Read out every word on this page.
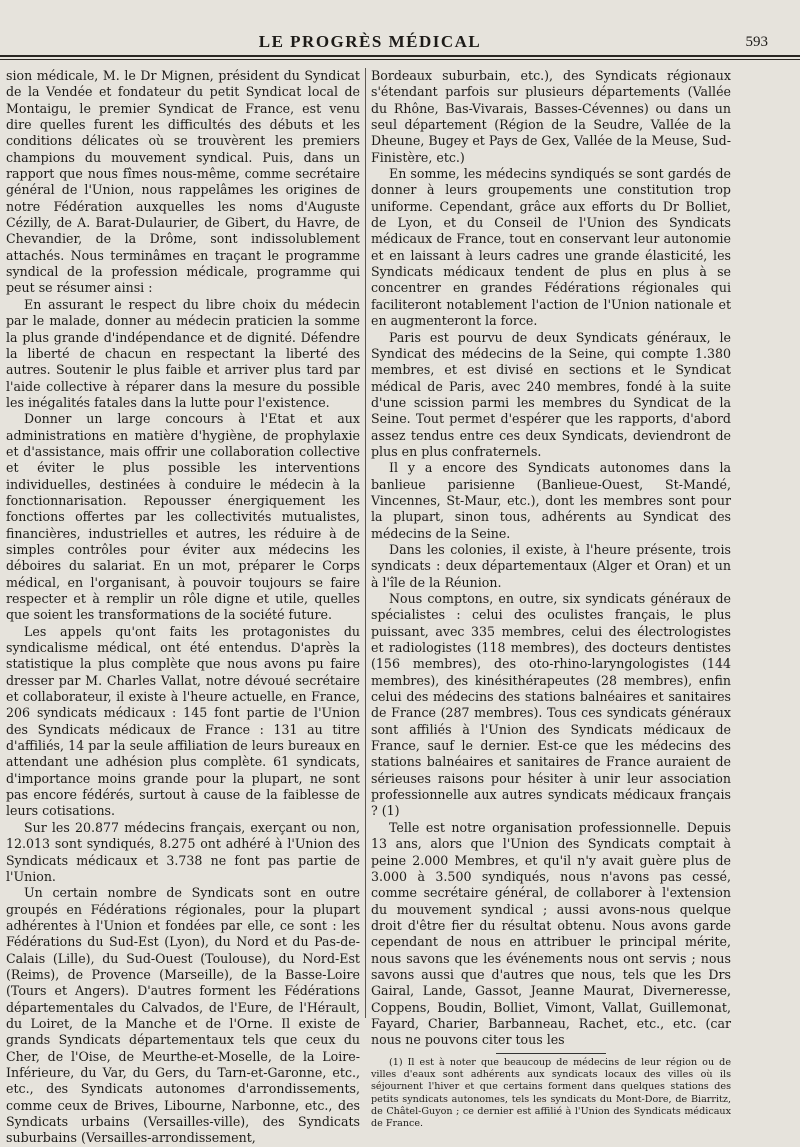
LE PROGRÈS MÉDICAL	593

sion médicale, M. le Dr Mignen, président du Syndicat de la Vendée et fondateur du petit Syndicat local de Montaigu, le premier Syndicat de France, est venu dire quelles furent les difficultés des débuts et les conditions délicates où se trouvèrent les premiers champions du mouvement syndical. Puis, dans un rapport que nous fîmes nous-même, comme secrétaire général de l'Union, nous rappelâmes les origines de notre Fédération auxquelles les noms d'Auguste Cézilly, de A. Barat-Dulaurier, de Gibert, du Havre, de Chevandier, de la Drôme, sont indissolublement attachés. Nous terminâmes en traçant le programme syndical de la profession médicale, programme qui peut se résumer ainsi :

En assurant le respect du libre choix du médecin par le malade, donner au médecin praticien la somme la plus grande d'indépendance et de dignité. Défendre la liberté de chacun en respectant la liberté des autres. Soutenir le plus faible et arriver plus tard par l'aide collective à réparer dans la mesure du possible les inégalités fatales dans la lutte pour l'existence.

Donner un large concours à l'Etat et aux administrations en matière d'hygiène, de prophylaxie et d'assistance, mais offrir une collaboration collective et éviter le plus possible les interventions individuelles, destinées à conduire le médecin à la fonctionnarisation. Repousser énergiquement les fonctions offertes par les collectivités mutualistes, financières, industrielles et autres, les réduire à de simples contrôles pour éviter aux médecins les déboires du salariat. En un mot, préparer le Corps médical, en l'organisant, à pouvoir toujours se faire respecter et à remplir un rôle digne et utile, quelles que soient les transformations de la société future.

Les appels qu'ont faits les protagonistes du syndicalisme médical, ont été entendus. D'après la statistique la plus complète que nous avons pu faire dresser par M. Charles Vallat, notre dévoué secrétaire et collaborateur, il existe à l'heure actuelle, en France, 206 syndicats médicaux : 145 font partie de l'Union des Syndicats médicaux de France : 131 au titre d'affiliés, 14 par la seule affiliation de leurs bureaux en attendant une adhésion plus complète. 61 syndicats, d'importance moins grande pour la plupart, ne sont pas encore fédérés, surtout à cause de la faiblesse de leurs cotisations.

Sur les 20.877 médecins français, exerçant ou non, 12.013 sont syndiqués, 8.275 ont adhéré à l'Union des Syndicats médicaux et 3.738 ne font pas partie de l'Union.

Un certain nombre de Syndicats sont en outre groupés en Fédérations régionales, pour la plupart adhérentes à l'Union et fondées par elle, ce sont : les Fédérations du Sud-Est (Lyon), du Nord et du Pas-de-Calais (Lille), du Sud-Ouest (Toulouse), du Nord-Est (Reims), de Provence (Marseille), de la Basse-Loire (Tours et Angers). D'autres forment les Fédérations départementales du Calvados, de l'Eure, de l'Hérault, du Loiret, de la Manche et de l'Orne. Il existe de grands Syndicats départementaux tels que ceux du Cher, de l'Oise, de Meurthe-et-Moselle, de la Loire-Inférieure, du Var, du Gers, du Tarn-et-Garonne, etc., etc., des Syndicats autonomes d'arrondissements, comme ceux de Brives, Libourne, Narbonne, etc., des Syndicats urbains (Versailles-ville), des Syndicats suburbains (Versailles-arrondissement,

Bordeaux suburbain, etc.), des Syndicats régionaux s'étendant parfois sur plusieurs départements (Vallée du Rhône, Bas-Vivarais, Basses-Cévennes) ou dans un seul département (Région de la Seudre, Vallée de la Dheune, Bugey et Pays de Gex, Vallée de la Meuse, Sud-Finistère, etc.)

En somme, les médecins syndiqués se sont gardés de donner à leurs groupements une constitution trop uniforme. Cependant, grâce aux efforts du Dr Bolliet, de Lyon, et du Conseil de l'Union des Syndicats médicaux de France, tout en conservant leur autonomie et en laissant à leurs cadres une grande élasticité, les Syndicats médicaux tendent de plus en plus à se concentrer en grandes Fédérations régionales qui faciliteront notablement l'action de l'Union nationale et en augmenteront la force.

Paris est pourvu de deux Syndicats généraux, le Syndicat des médecins de la Seine, qui compte 1.380 membres, et est divisé en sections et le Syndicat médical de Paris, avec 240 membres, fondé à la suite d'une scission parmi les membres du Syndicat de la Seine. Tout permet d'espérer que les rapports, d'abord assez tendus entre ces deux Syndicats, deviendront de plus en plus confraternels.

Il y a encore des Syndicats autonomes dans la banlieue parisienne (Banlieue-Ouest, St-Mandé, Vincennes, St-Maur, etc.), dont les membres sont pour la plupart, sinon tous, adhérents au Syndicat des médecins de la Seine.

Dans les colonies, il existe, à l'heure présente, trois syndicats : deux départementaux (Alger et Oran) et un à l'île de la Réunion.

Nous comptons, en outre, six syndicats généraux de spécialistes : celui des oculistes français, le plus puissant, avec 335 membres, celui des électrologistes et radiologistes (118 membres), des docteurs dentistes (156 membres), des oto-rhino-laryngologistes (144 membres), des kinésithérapeutes (28 membres), enfin celui des médecins des stations balnéaires et sanitaires de France (287 membres). Tous ces syndicats généraux sont affiliés à l'Union des Syndicats médicaux de France, sauf le dernier. Est-ce que les médecins des stations balnéaires et sanitaires de France auraient de sérieuses raisons pour hésiter à unir leur association professionnelle aux autres syndicats médicaux français ? (1)

Telle est notre organisation professionnelle. Depuis 13 ans, alors que l'Union des Syndicats comptait à peine 2.000 Membres, et qu'il n'y avait guère plus de 3.000 à 3.500 syndiqués, nous n'avons pas cessé, comme secrétaire général, de collaborer à l'extension du mouvement syndical ; aussi avons-nous quelque droit d'être fier du résultat obtenu. Nous avons garde cependant de nous en attribuer le principal mérite, nous savons que les événements nous ont servis ; nous savons aussi que d'autres que nous, tels que les Drs Gairal, Lande, Gassot, Jeanne Maurat, Diverneresse, Coppens, Boudin, Bolliet, Vimont, Vallat, Guillemonat, Fayard, Charier, Barbanneau, Rachet, etc., etc. (car nous ne pouvons citer tous les

(1) Il est à noter que beaucoup de médecins de leur région ou de villes d'eaux sont adhérents aux syndicats locaux des villes où ils séjournent l'hiver et que certains forment dans quelques stations des petits syndicats autonomes, tels les syndicats du Mont-Dore, de Biarritz, de Châtel-Guyon ; ce dernier est affilié à l'Union des Syndicats médicaux de France.
